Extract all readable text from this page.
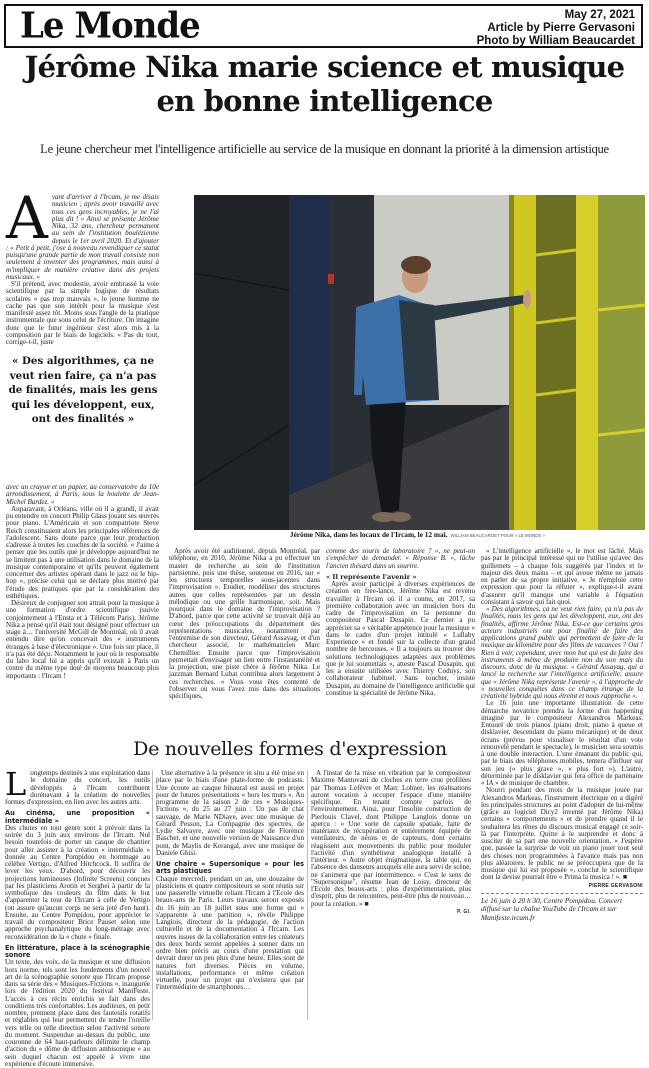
Le Monde	May 27, 2021
Article by Pierre Gervasoni
Photo by William Beaucardet
Jérôme Nika marie science et musique
en bonne intelligence
Le jeune chercheur met l'intelligence artificielle au service de la musique en donnant la priorité à la dimension artistique
A vant d'arriver à l'Ircam, je me disais musicien ; après avoir travaillé avec tous ces gens incroyables, je ne l'ai plus dit ! » Ainsi se présente Jérôme Nika, 32 ans, chercheur permanent au sein de l'institution boulézienne depuis le 1er avril 2020. Et d'ajouter : « Petit à petit, j'ose à nouveau revendiquer ce statut puisqu'une grande partie de mon travail consiste non seulement à inventer des programmes, mais aussi à m'impliquer de manière créative dans des projets musicaux. »

S'il prétend, avec modestie, avoir embrassé la voie scientifique par la simple logique de résultats scolaires « pas trop mauvais », le jeune homme ne cache pas que son intérêt pour la musique s'est manifesté assez tôt. Moins sous l'angle de la pratique instrumentale que sous celui de l'écriture. On imagine donc que le futur ingénieur s'est alors mis à la composition par le biais de logiciels. « Pas du tout, corrige-t-il, juste

« Des algorithmes, ça ne veut rien faire, ça n'a pas de finalités, mais les gens qui les développent, eux, ont des finalités »

avec un crayon et un papier, au conservatoire du 10e arrondissement, à Paris, sous la houlette de Jean-Michel Bardez. »

Auparavant, à Orléans, ville où il a grandi, il avait pu entendre en concert Philip Glass jouant ses œuvres pour piano. L'Américain et son compatriote Steve Reich constituaient alors les principales références de l'adolescent. Sans doute parce que leur production s'adresse à toutes les couches de la société. « J'aime à penser que les outils que je développe aujourd'hui ne se limitent pas à une utilisation dans le domaine de la musique contemporaine et qu'ils peuvent également concerner des artistes opérant dans le jazz ou le hip-hop », précise celui qui se déclare plus motivé par l'étude des pratiques que par la considération des esthétiques.

Désireux de conjuguer son attrait pour la musique à une formation d'ordre scientifique (suivie conjointement à l'Ensta et à Télécom Paris), Jérôme Nika a pensé qu'il était tout désigné pour effectuer un stage à… l'université McGill de Montréal, où il avait entendu dire qu'on concevait des « instruments étranges à base d'électronique ». Une fois sur place, il n'a pas été déçu. Notamment le jour où le responsable du labo local lui a appris qu'il existait à Paris un centre du même type doté de moyens beaucoup plus importants : l'Ircam !

Jérôme Nika, dans les locaux de l'Ircam, le 12 mai. WILLIAM BEAUCARDET POUR « LE MONDE »

Après avoir été auditionné, depuis Montréal, par téléphone, en 2010, Jérôme Nika a pu effectuer un master de recherche au sein de l'institution parisienne, puis une thèse, soutenue en 2016, sur « les structures temporelles sous-jacentes dans l'improvisation ». Etudier, modéliser des structures autres que celles représentées par un dessin mélodique ou une grille harmonique, soit. Mais pourquoi dans le domaine de l'improvisation ? D'abord, parce que cette activité se trouvait déjà au cœur des préoccupations du département des représentations musicales, notamment par l'entremise de son directeur, Gérard Assayag, et d'un chercheur associé, le mathématicien Marc Chemillier. Ensuite parce que l'improvisation permettait d'envisager un lien entre l'instantanéité et la projection, une piste chère à Jérôme Nika. Le jazzman Bernard Lubat contribua alors largement à ces recherches. « Vous vous êtes contenté de l'observer ou vous l'avez mis dans des situations spécifiques,

comme des souris de laboratoire ? », ne peut-on s'empêcher de demander. « Réponse B. », lâche l'ancien thésard dans un sourire.

« Il représente l'avenir »

Après avoir participé à diverses expériences de création en free-lance, Jérôme Nika est revenu travailler à l'Ircam où il a connu, en 2017, sa première collaboration avec un musicien hors du cadre de l'improvisation en la personne du compositeur Pascal Dusapin. Ce dernier a pu apprécier sa « véritable appétence pour la musique » dans le cadre d'un projet intitulé « Lullaby Experience » et fondé sur la collecte d'un grand nombre de berceuses. « Il a toujours su trouver des solutions technologiques adaptées aux problèmes que je lui soumettais », atteste Pascal Dusapin, qui les a ensuite utilisées avec Thierry Coduys, son collaborateur habituel. Sans toucher, insiste Dusapin, au domaine de l'intelligence artificielle qui constitue la spécialité de Jérôme Nika.

« L'intelligence artificielle », le mot est lâché. Mais pas par le principal intéressé qui ne l'utilise qu'avec des guillemets – à chaque fois suggérés par l'index et le majeur des deux mains – et qui avoue même ne jamais en parler de sa propre initiative. « Je n'emploie cette expression que pour la réfuter », explique-t-il avant d'assurer qu'il manque une variable à l'équation consistant à savoir qui fait quoi.

« Des algorithmes, ça ne veut rien faire, ça n'a pas de finalités, mais les gens qui les développent, eux, ont des finalités, affirme Jérôme Nika. Est-ce que certains gros acteurs industriels ont pour finalité de faire des applications grand public qui permettent de faire de la musique au kilomètre pour des films de vacances ? Oui ! Rien à voir, cependant, avec mon but qui est de faire des instruments à même de produire non du son mais du discours, donc de la musique. » Gérard Assayag, qui a lancé la recherche sur l'intelligence artificielle, assure que « Jérôme Nika représente l'avenir », à l'approche de « nouvelles conquêtes dans ce champ étrange de la créativité hybride qui nous étreint et nous rapproche ».

Le 16 juin une importante illustration de cette démarche novatrice prendra la forme d'un happening imaginé par le compositeur Alexandros Markeas. Entouré de trois pianos (piano droit, piano à queue et disklavier, descendant du piano mécanique) et de deux écrans (prévus pour visualiser le résultat d'un vote renouvelé pendant le spectacle), le musicien sera soumis à une double interaction. L'une émanant du public qui, par le biais des téléphones mobiles, tentera d'influer sur son jeu (« plus grave », « plus fort »). L'autre, déterminée par le disklavier qui fera office de partenaire « IA » de musique de chambre.

Nourri pendant des mois de la musique jouée par Alexandros Markeas, l'instrument électrique en a digéré les principales structures au point d'adopter de lui-même (grâce au logiciel Dicy2 inventé par Jérôme Nika) certains « comportements » et de prendre quand il le souhaitera les rênes du discours musical engagé ce soir-là par l'interprète. Quitte à le surprendre et donc à susciter de sa part une nouvelle orientation. « J'espère que, passée la surprise de voir un piano jouer tout seul des choses non programmées à l'avance mais pas non plus aléatoires, le public ne se préoccupera que de la musique qui lui est proposée », conclut le scientifique dont la devise pourrait être « Prima la musica ! ». ■

PIERRE GERVASONI
Le 16 juin à 20 h 30, Centre Pompidou. Concert diffusé sur la chaîne YouTube de l'Ircam et sur Manifeste.ircam.fr
De nouvelles formes d'expression
L ongtemps destinés à une exploitation dans le domaine du concert, les outils développés à l'Ircam contribuent dorénavant à la création de nouvelles formes d'expression, en lien avec les autres arts.

Au cinéma, une proposition « intermédiale »

Des chutes en tout genre sont à prévoir dans la soirée du 3 juin aux environs de l'Ircam. Nul besoin toutefois de porter un casque de chantier pour aller assister à la création « intermédiale » donnée au Centre Pompidou en hommage au célèbre Vertigo, d'Alfred Hitchcock. Il suffira de lever les yeux. D'abord, pour découvrir les projections lumineuses (Infinite Screens) conçues par les plasticiens Arotin et Serghei à partir de la symbolique des couleurs du film dans le but d'apparenter la tour de l'Ircam à celle de Vertigo (on assure qu'aucun corps ne sera jeté d'en haut). Ensuite, au Centre Pompidou, pour apprécier le travail du compositeur Brice Pauset selon une approche psychanalytique du long-métrage avec reconsidération de la « chute » finale.

En littérature, place à la scénographie sonore

Un texte, des voix, de la musique et une diffusion hors norme, tels sont les fondements d'un nouvel art de la scénographie sonore que l'Ircam propose dans sa série des « Musiques-Fictions », inaugurée lors de l'édition 2020 du festival ManiFeste. L'accès à ces récits enrichis se fait dans des conditions très confortables. Les auditeurs, en petit nombre, prennent place dans des fauteuils rotatifs et réglables qui leur permettent de tendre l'oreille vers telle ou telle direction selon l'activité sonore du moment. Suspendue au-dessus du public, une couronne de 64 haut-parleurs délimite le champ d'action du « dôme de diffusion ambisonique » au sein duquel chacun est appelé à vivre une expérience d'écoute immersive.

Une alternative à la présence in situ a été mise en place par le biais d'une plate-forme de podcasts. Une écoute au casque binaural est aussi en projet pour de futures présentations « hors les murs ». Au programme de la saison 2 de ces « Musiques-Fictions », du 25 au 27 juin : Un pas de chat sauvage, de Marie NDiaye, avec une musique de Gérard Pesson, La Compagnie des spectres, de Lydie Salvayre, avec une musique de Florence Baschet, et une nouvelle version de Naissance d'un pont, de Maylis de Kerangal, avec une musique de Daniele Ghisi.

Une chaire « Supersonique » pour les arts plastiques

Chaque mercredi, pendant un an, une douzaine de plasticiens et quatre compositeurs se sont réunis sur une passerelle virtuelle reliant l'Ircam à l'Ecole des beaux-arts de Paris. Leurs travaux seront exposés du 16 juin au 18 juillet sous une forme qui « s'apparente à une partition », révèle Philippe Langlois, directeur de la pédagogie, de l'action culturelle et de la documentation à l'Ircam. Les œuvres issues de la collaboration entre les créateurs des deux bords seront appelées à sonner dans un ordre bien précis au cours d'une prestation qui devrait durer un peu plus d'une heure. Elles sont de natures fort diverses. Pièces en volume, installations, performance et même création virtuelle, pour un projet qui n'existera que par l'intermédiaire de smartphones…

A l'instar de la mise en vibration par le compositeur Maxime Mantovani de cloches en terre crue profilées par Thomas Lefèvre et Marc Lohner, les réalisations auront vocation à occuper l'espace d'une manière spécifique. En tenant compte parfois de l'environnement. Ainsi, pour l'insolite construction de Pierlouis Clavel, dont Philippe Langlois donne un aperçu : « Une sorte de capsule spatiale, faite de matériaux de récupération et entièrement équipée de ventilateurs, de néons et de capteurs, dont certains réagissent aux mouvements du public pour moduler l'activité d'un synthétiseur analogique installé à l'intérieur. » Autre objet énigmatique, la table qui, en l'absence des danseurs auxquels elle aura servi de scène, ne s'animera que par intermittence. « C'est le sens de "Supersonique", résume Jean de Loisy, directeur de l'Ecole des beaux-arts : plus d'expérimentation, plus d'esprit, plus de rencontres, peut-être plus de nouveau… pour la création. » ■

P. GI.
